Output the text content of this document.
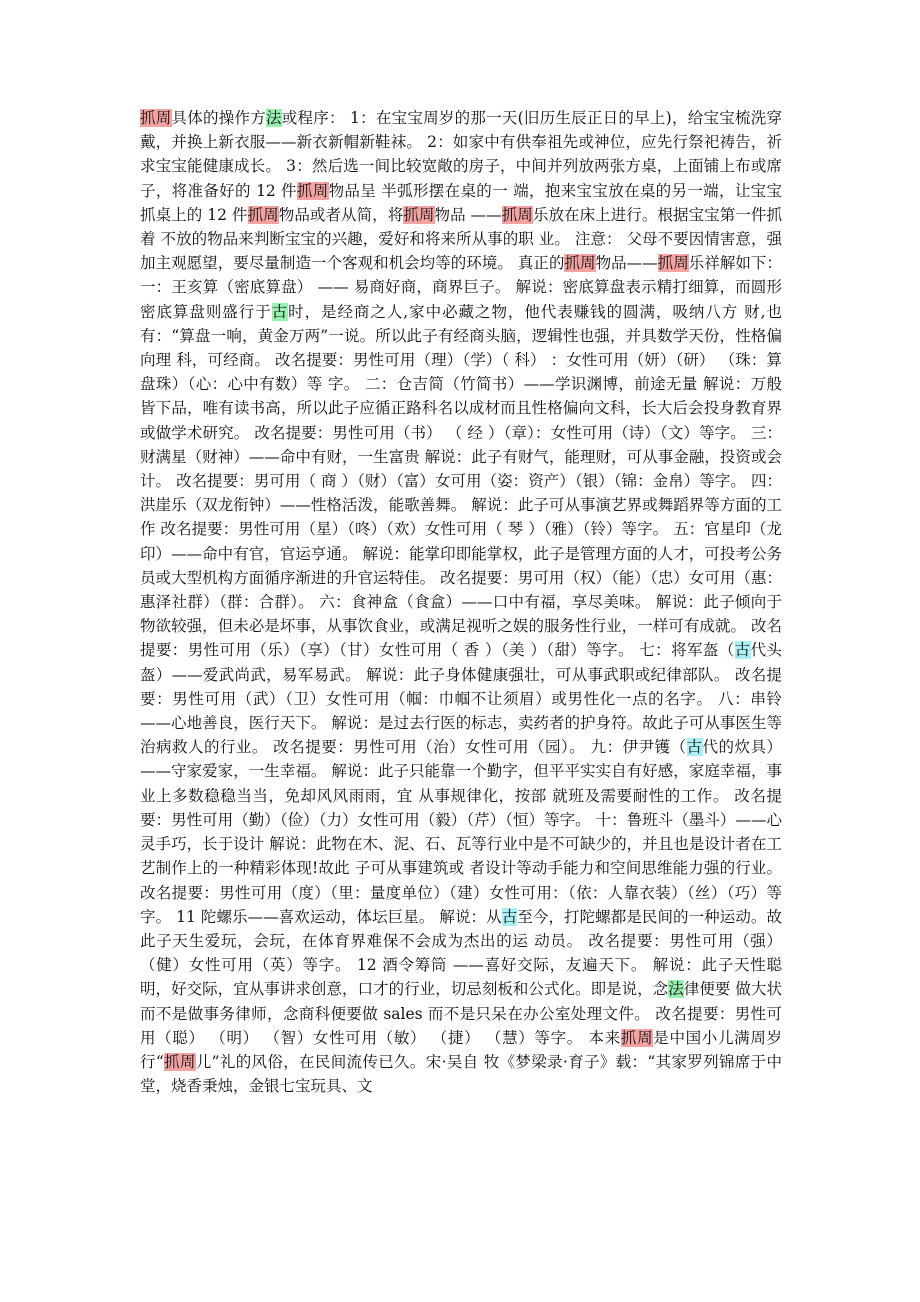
抓周具体的操作方法或程序： 1：在宝宝周岁的那一天(旧历生辰正日的早上)，给宝宝梳洗穿戴，并换上新衣服——新衣新帽新鞋袜。 2：如家中有供奉祖先或神位，应先行祭祀祷告，祈求宝宝能健康成长。 3：然后选一间比较宽敞的房子，中间并列放两张方桌，上面铺上布或席子，将准备好的 12 件抓周物品呈 半弧形摆在桌的一 端，抱来宝宝放在桌的另一端，让宝宝抓桌上的 12 件抓周物品或者从简，将抓周物品 ——抓周乐放在床上进行。根据宝宝第一件抓着 不放的物品来判断宝宝的兴趣，爱好和将来所从事的职 业。 注意： 父母不要因情害意，强加主观愿望，要尽量制造一个客观和机会均等的环境。 真正的抓周物品——抓周乐祥解如下： 一：王亥算（密底算盘） —— 易商好商，商界巨子。 解说：密底算盘表示精打细算，而圆形密底算盘则盛行于古时，是经商之人,家中必藏之物，他代表赚钱的圆满，吸纳八方 财,也有：“算盘一响，黄金万两”一说。所以此子有经商头脑，逻辑性也强，并具数学天份，性格偏向理 科，可经商。 改名提要：男性可用（理）（学）（ 科） ：女性可用（妍）（研） （珠：算盘珠）（心：心中有数）等 字。 二：仓吉简（竹简书）——学识渊博，前途无量 解说：万般皆下品，唯有读书高，所以此子应循正路科名以成材而且性格偏向文科，长大后会投身教育界 或做学术研究。 改名提要：男性可用（书） （ 经 ）（章）：女性可用（诗）（文）等字。 三：财满星（财神）——命中有财，一生富贵 解说：此子有财气，能理财，可从事金融，投资或会计。 改名提要：男可用（ 商 ）（财）（富）女可用（姿：资产）（银）（锦：金帛）等字。 四： 洪崖乐（双龙衔钟）——性格活泼，能歌善舞。 解说：此子可从事演艺界或舞蹈界等方面的工作 改名提要：男性可用（星）（咚）（欢）女性可用（ 琴 ）（雅）（铃）等字。 五：官星印（龙印）——命中有官，官运亨通。 解说：能掌印即能掌权，此子是管理方面的人才，可投考公务员或大型机构方面循序渐进的升官运特佳。 改名提要：男可用（权）（能）（忠）女可用（惠：惠泽社群）（群：合群）。 六：食神盒（食盒）——口中有福，享尽美味。 解说：此子倾向于物欲较强，但未必是坏事，从事饮食业，或满足视听之娱的服务性行业，一样可有成就。 改名提要：男性可用（乐）（享）（甘）女性可用（ 香 ）（美 ）（甜）等字。 七：将军盔（古代头盔）——爱武尚武，易军易武。 解说：此子身体健康强壮，可从事武职或纪律部队。 改名提要：男性可用（武）（卫）女性可用（帼：巾帼不让须眉）或男性化一点的名字。 八：串铃 ——心地善良，医行天下。 解说：是过去行医的标志，卖药者的护身符。故此子可从事医生等治病救人的行业。 改名提要：男性可用（治）女性可用（园）。 九：伊尹镬（古代的炊具）——守家爱家，一生幸福。 解说：此子只能靠一个勤字，但平平实实自有好感，家庭幸福，事业上多数稳稳当当，免却风风雨雨，宜 从事规律化，按部 就班及需要耐性的工作。 改名提要：男性可用（勤）（俭）（力）女性可用（毅）（芹）（恒）等字。 十：鲁班斗（墨斗）——心灵手巧，长于设计 解说：此物在木、泥、石、瓦等行业中是不可缺少的，并且也是设计者在工艺制作上的一种精彩体现!故此 子可从事建筑或 者设计等动手能力和空间思维能力强的行业。 改名提要：男性可用（度）（里：量度单位）（建）女性可用：（依：人靠衣装）（丝）（巧）等字。 11 陀螺乐——喜欢运动，体坛巨星。 解说：从古至今，打陀螺都是民间的一种运动。故此子天生爱玩，会玩，在体育界难保不会成为杰出的运 动员。 改名提要：男性可用（强）（健）女性可用（英）等字。 12 酒令筹筒 ——喜好交际，友遍天下。 解说：此子天性聪明，好交际，宜从事讲求创意，口才的行业，切忌刻板和公式化。即是说，念法律便要 做大状而不是做事务律师，念商科便要做 sales 而不是只呆在办公室处理文件。 改名提要：男性可用（聪） （明） （智）女性可用（敏） （捷） （慧）等字。 本来抓周是中国小儿满周岁行“抓周儿”礼的风俗，在民间流传已久。宋·吴自 牧《梦梁录·育子》载：“其家罗列锦席于中堂，烧香秉烛，金银七宝玩具、文
